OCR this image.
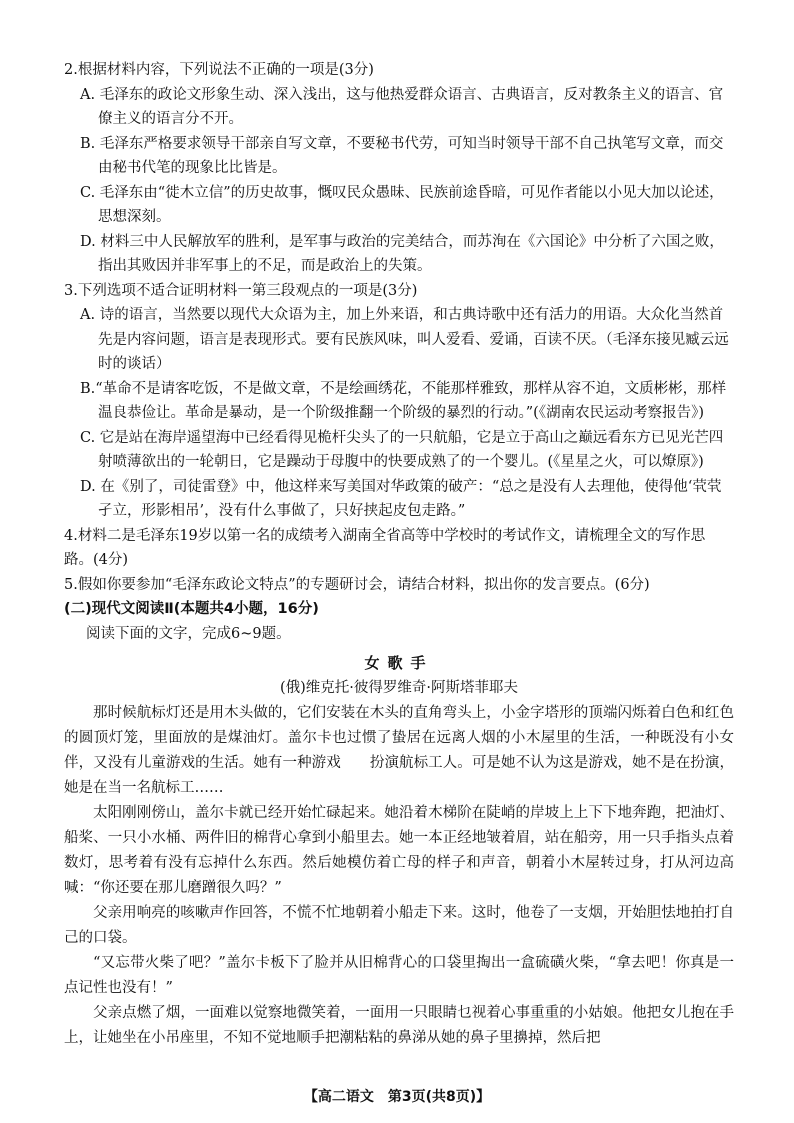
2.根据材料内容，下列说法不正确的一项是(3分)

A. 毛泽东的政论文形象生动、深入浅出，这与他热爱群众语言、古典语言，反对教条主义的语言、官僚主义的语言分不开。

B. 毛泽东严格要求领导干部亲自写文章，不要秘书代劳，可知当时领导干部不自己执笔写文章，而交由秘书代笔的现象比比皆是。

C. 毛泽东由“徙木立信”的历史故事，慨叹民众愚昧、民族前途昏暗，可见作者能以小见大加以论述，思想深刻。

D. 材料三中人民解放军的胜利，是军事与政治的完美结合，而苏洵在《六国论》中分析了六国之败，指出其败因并非军事上的不足，而是政治上的失策。

3.下列选项不适合证明材料一第三段观点的一项是(3分)

A. 诗的语言，当然要以现代大众语为主，加上外来语，和古典诗歌中还有活力的用语。大众化当然首先是内容问题，语言是表现形式。要有民族风味，叫人爱看、爱诵，百读不厌。（毛泽东接见臧云远时的谈话）

B.“革命不是请客吃饭，不是做文章，不是绘画绣花，不能那样雅致，那样从容不迫，文质彬彬，那样温良恭俭让。革命是暴动，是一个阶级推翻一个阶级的暴烈的行动。”(《湖南农民运动考察报告》)

C. 它是站在海岸遥望海中已经看得见桅杆尖头了的一只航船，它是立于高山之巅远看东方已见光芒四射喷薄欲出的一轮朝日，它是躁动于母腹中的快要成熟了的一个婴儿。(《星星之火，可以燎原》)

D. 在《别了，司徒雷登》中，他这样来写美国对华政策的破产：“总之是没有人去理他，使得他‘茕茕孑立，形影相吊’，没有什么事做了，只好挟起皮包走路。”

4.材料二是毛泽东19岁以第一名的成绩考入湖南全省高等中学校时的考试作文，请梳理全文的写作思路。(4分)

5.假如你要参加“毛泽东政论文特点”的专题研讨会，请结合材料，拟出你的发言要点。(6分)

(二)现代文阅读Ⅱ(本题共4小题，16分)

阅读下面的文字，完成6~9题。

女歌手

(俄)维克托·彼得罗维奇·阿斯塔菲耶夫

那时候航标灯还是用木头做的，它们安装在木头的直角弯头上，小金字塔形的顶端闪烁着白色和红色的圆顶灯笼，里面放的是煤油灯。盖尔卡也过惯了蛰居在远离人烟的小木屋里的生活，一种既没有小女伴，又没有儿童游戏的生活。她有一种游戏　　扮演航标工人。可是她不认为这是游戏，她不是在扮演，她是在当一名航标工……

太阳刚刚傍山，盖尔卡就已经开始忙碌起来。她沿着木梯阶在陡峭的岸坡上上下下地奔跑，把油灯、船桨、一只小水桶、两件旧的棉背心拿到小船里去。她一本正经地皱着眉，站在船旁，用一只手指头点着数灯，思考着有没有忘掉什么东西。然后她模仿着亡母的样子和声音，朝着小木屋转过身，打从河边高喊：“你还要在那儿磨蹭很久吗？”

父亲用响亮的咳嗽声作回答，不慌不忙地朝着小船走下来。这时，他卷了一支烟，开始胆怯地拍打自己的口袋。

“又忘带火柴了吧？”盖尔卡板下了脸并从旧棉背心的口袋里掏出一盒硫磺火柴，“拿去吧！你真是一点记性也没有！”

父亲点燃了烟，一面难以觉察地微笑着，一面用一只眼睛乜视着心事重重的小姑娘。他把女儿抱在手上，让她坐在小吊座里，不知不觉地顺手把潮粘粘的鼻涕从她的鼻子里擤掉，然后把

【高二语文　第3页(共8页)】
